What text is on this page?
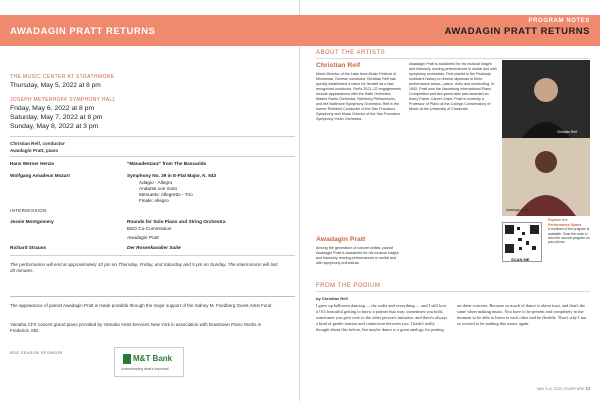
AWADAGIN PRATT RETURNS
THE MUSIC CENTER AT STRATHMORE
Thursday, May 5, 2022 at 8 pm
JOSEPH MEYERHOFF SYMPHONY HALL
Friday, May 6, 2022 at 8 pm
Saturday, May 7, 2022 at 8 pm
Sunday, May 8, 2022 at 3 pm
Christian Reif, conductor
Awadagin Pratt, piano
Hans Werner Henze	"Mänadentanz" from The Bassarids
Wolfgang Amadeus Mozart	Symphony No. 39 in E-Flat Major, K. 543
Adagio - Allegro
Andante con moto
Menuetto: Allegretto - Trio
Finale: Allegro
INTERMISSION
Jessie Montgomery	Rounds for Solo Piano and String Orchestra
BSO Co-Commission
Awadagin Pratt
Richard Strauss	Der Rosenkavalier Suite
The performance will end at approximately 10 pm on Thursday, Friday, and Saturday and 5 pm on Sunday. The intermission will last 20 minutes.
The appearance of pianist Awadagin Pratt is made possible through the major support of the Sidney M. Friedberg Guest Artist Fund.
Yamaha CFX concert grand piano provided by Yamaha Artist Services New York in association with Downtown Piano Works in Frederick, MD.
BSO SEASON SPONSOR
M&T Bank
Understanding what's important
PROGRAM NOTES
AWADAGIN PRATT RETURNS
ABOUT THE ARTISTS
Christian Reif
Music Director of the Lake Area Music Festival of Minnesota, German conductor Christian Reif has quickly established a name for himself as a fast-recognized conductor. Reif's 2021–22 engagements include appearances with the Hallé Orchestra, Madrid Radio Orchestra, Nürnberg Philharmonic, and the Baltimore Symphony Orchestra. Reif is the former Resident Conductor of the San Francisco Symphony and Music Director of the San Francisco Symphony Youth Orchestra.
Awadagin Pratt
Among the generation of concert artists, pianist Awadagin Pratt is acclaimed for his musical insight and intensely moving performances in recital and with symphony orchestras.
Awadagin Pratt is acclaimed for his musical insight and intensely moving performances in recital and with symphony orchestras. First pianist in the Peabody Institute's history to receive diplomas in three performance areas—piano, violin and conducting. In 1992, Pratt won the Naumburg International Piano Competition and two years later was awarded an Avery Fisher Career Grant. Pratt is currently a Professor of Piano at the College-Conservatory of Music at the University of Cincinnati.
Christian Reif
Awadagin Pratt
SCAN ME
Explore the Performance Space
A rundown of the program is available. Scan the code to view the concert program on your phone.
FROM THE PODIUM
by Christian Reif
I grew up ballroom dancing — the waltz and everything — and I still love it! It's beautiful getting to know a partner that way; sometimes you hold, sometimes you give over to the other person's initiative, and there's always a kind of gentle tension and connection between you. I hadn't really thought about this before, but maybe dance is a great analogy for putting on these concerts. Because so much of dance is about trust, and that's the same when making music. You have to be present and completely in the moment to be able to listen to each other and be flexible. That's why I am so excited to be making this music again.
MAY 5–8, 2022 | OVERTURE 13
